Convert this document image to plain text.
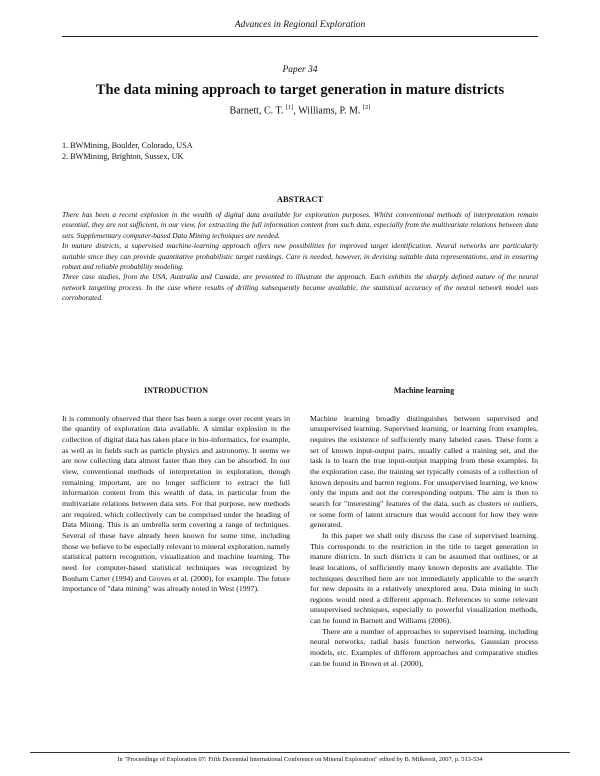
Advances in Regional Exploration
Paper 34
The data mining approach to target generation in mature districts
Barnett, C. T. [1], Williams, P. M. [2]
1. BWMining, Boulder, Colorado, USA
2. BWMining, Brighton, Sussex, UK
ABSTRACT

There has been a recent explosion in the wealth of digital data available for exploration purposes. Whilst conventional methods of interpretation remain essential, they are not sufficient, in our view, for extracting the full information content from such data, especially from the multivariate relations between data sets. Supplementary computer-based Data Mining techniques are needed.

In mature districts, a supervised machine-learning approach offers new possibilities for improved target identification. Neural networks are particularly suitable since they can provide quantitative probabilistic target rankings. Care is needed, however, in devising suitable data representations, and in ensuring robust and reliable probability modeling.

Three case studies, from the USA, Australia and Canada, are presented to illustrate the approach. Each exhibits the sharply defined nature of the neural network targeting process. In the case where results of drilling subsequently became available, the statistical accuracy of the neural network model was corroborated.

INTRODUCTION

It is commonly observed that there has been a surge over recent years in the quantity of exploration data available. A similar explosion in the collection of digital data has taken place in bio-informatics, for example, as well as in fields such as particle physics and astronomy. It seems we are now collecting data almost faster than they can be absorbed. In our view, conventional methods of interpretation in exploration, though remaining important, are no longer sufficient to extract the full information content from this wealth of data, in particular from the multivariate relations between data sets. For that purpose, new methods are required, which collectively can be comprised under the heading of Data Mining. This is an umbrella term covering a range of techniques. Several of these have already been known for some time, including those we believe to be especially relevant to mineral exploration, namely statistical pattern recognition, visualization and machine learning. The need for computer-based statistical techniques was recognized by Bonham Carter (1994) and Groves et al. (2000), for example. The future importance of "data mining" was already noted in West (1997).

Machine learning

Machine learning broadly distinguishes between supervised and unsupervised learning. Supervised learning, or learning from examples, requires the existence of sufficiently many labeled cases. These form a set of known input-output pairs, usually called a training set, and the task is to learn the true input-output mapping from these examples. In the exploration case, the training set typically consists of a collection of known deposits and barren regions. For unsupervised learning, we know only the inputs and not the corresponding outputs. The aim is then to search for "interesting" features of the data, such as clusters or outliers, or some form of latent structure that would account for how they were generated.

In this paper we shall only discuss the case of supervised learning. This corresponds to the restriction in the title to target generation in mature districts. In such districts it can be assumed that outlines, or at least locations, of sufficiently many known deposits are available. The techniques described here are not immediately applicable to the search for new deposits in a relatively unexplored area. Data mining in such regions would need a different approach. References to some relevant unsupervised techniques, especially to powerful visualization methods, can be found in Barnett and Williams (2006).

There are a number of approaches to supervised learning, including neural networks, radial basis function networks, Gaussian process models, etc. Examples of different approaches and comparative studies can be found in Brown et al. (2000),

In "Proceedings of Exploration 07: Fifth Decennial International Conference on Mineral Exploration" edited by B. Milkereit, 2007, p. 513-534
